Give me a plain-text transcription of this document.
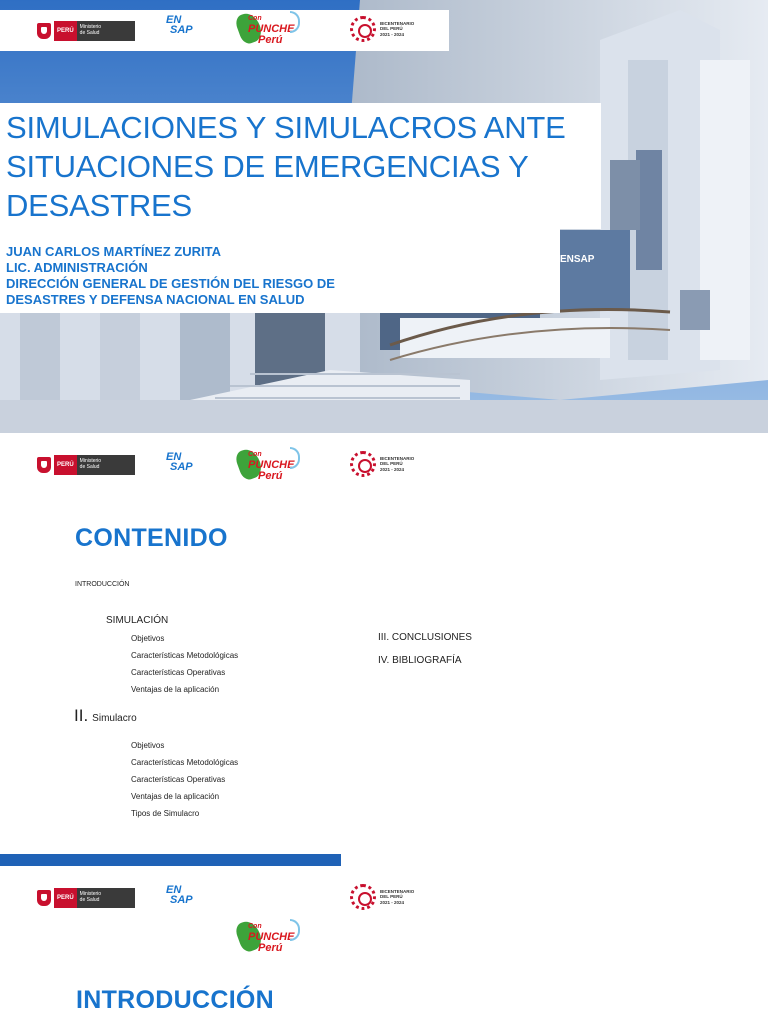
ENSAP
PERÚ
Ministerio
de Salud
EN
SAP
Con
PUNCHE
Perú
BICENTENARIO
DEL PERÚ
2021 - 2024
SIMULACIONES Y SIMULACROS ANTE
SITUACIONES DE EMERGENCIAS Y
DESASTRES
JUAN CARLOS MARTÍNEZ ZURITA
LIC. ADMINISTRACIÓN
DIRECCIÓN GENERAL DE GESTIÓN DEL RIESGO DE
DESASTRES Y DEFENSA NACIONAL EN SALUD
PERÚ
Ministerio
de Salud
EN
SAP
Con
PUNCHE
Perú
BICENTENARIO
DEL PERÚ
2021 - 2024
CONTENIDO
INTRODUCCIÓN
SIMULACIÓN
Objetivos
Características Metodológicas
Características Operativas
Ventajas de la aplicación
II. Simulacro
Objetivos
Características Metodológicas
Características Operativas
Ventajas de la aplicación
Tipos de Simulacro
III. CONCLUSIONES
IV. BIBLIOGRAFÍA
PERÚ
Ministerio
de Salud
EN
SAP
Con
PUNCHE
Perú
BICENTENARIO
DEL PERÚ
2021 - 2024
INTRODUCCIÓN
